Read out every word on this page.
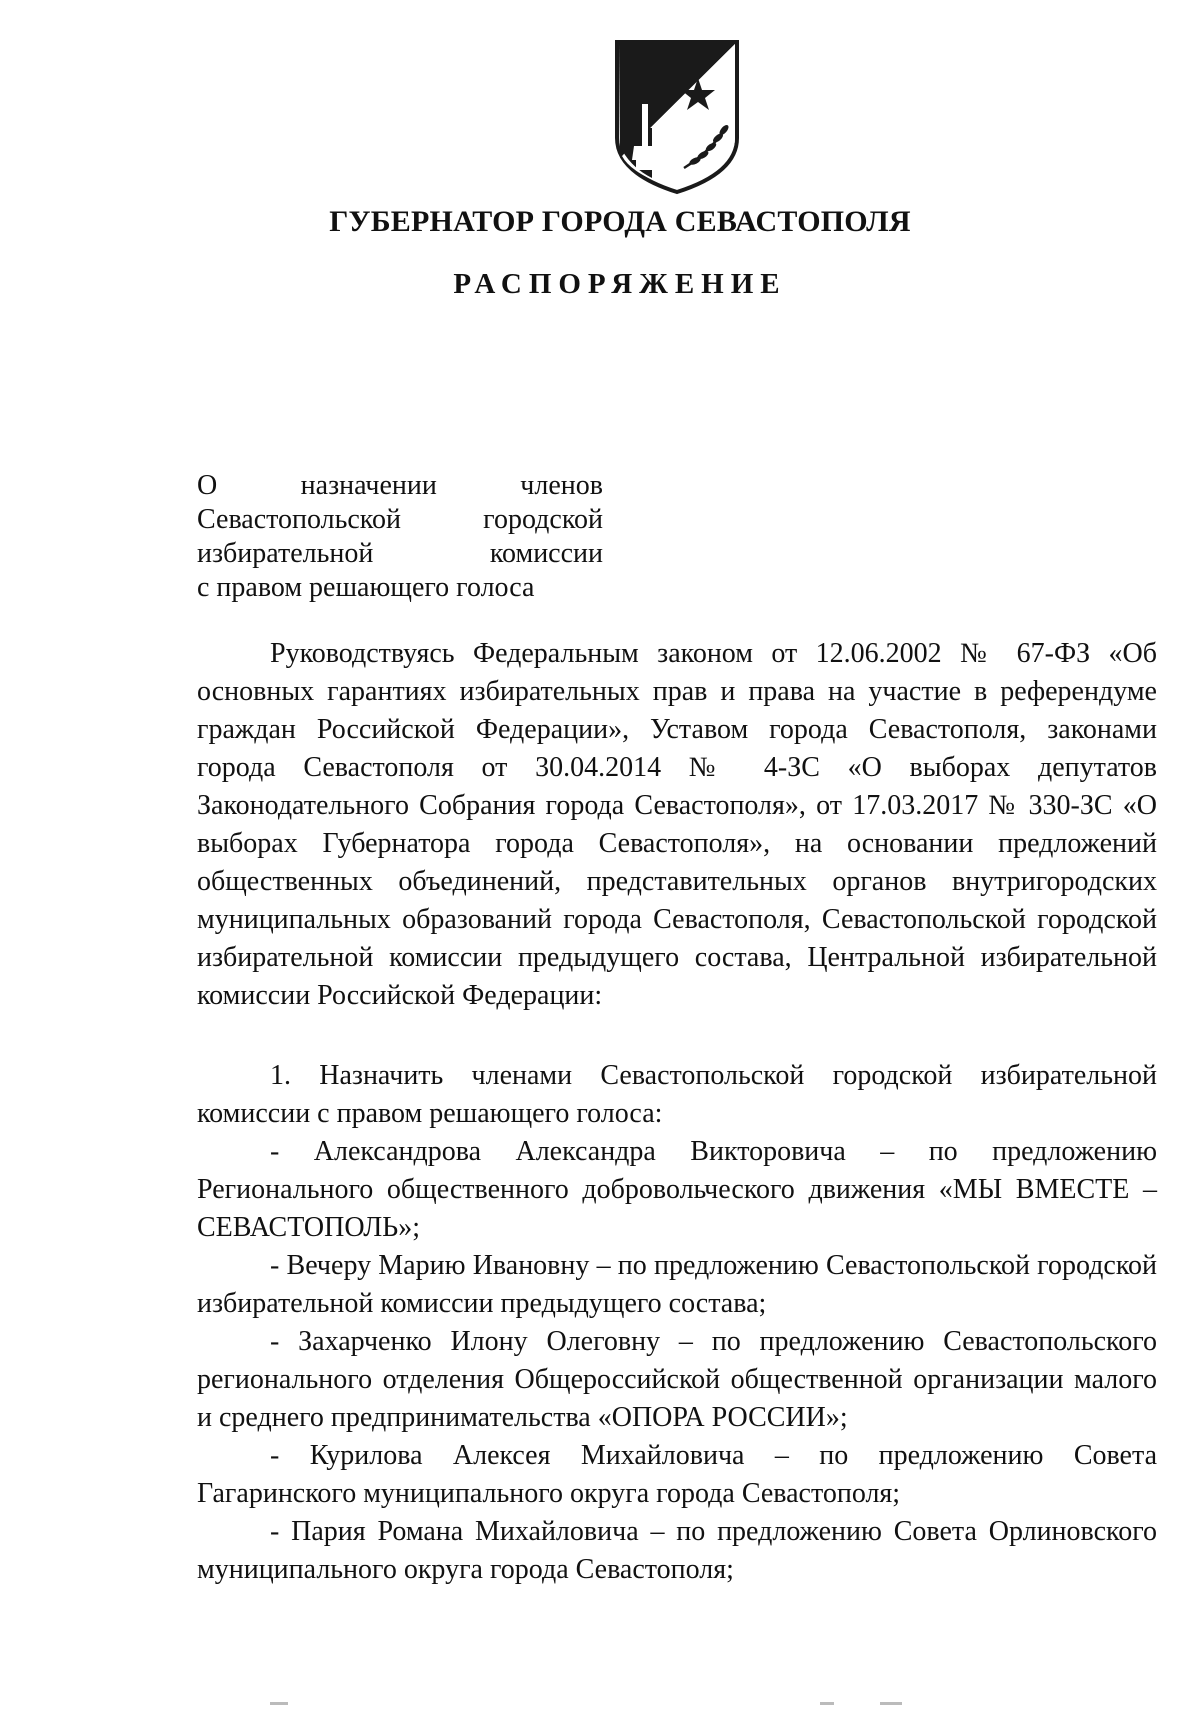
ГУБЕРНАТОР ГОРОДА СЕВАСТОПОЛЯ
РАСПОРЯЖЕНИЕ
О назначении членов
Севастопольской городской
избирательной комиссии
с правом решающего голоса

Руководствуясь Федеральным законом от 12.06.2002 № 67-ФЗ «Об основных гарантиях избирательных прав и права на участие в референдуме граждан Российской Федерации», Уставом города Севастополя, законами города Севастополя от 30.04.2014 № 4-ЗС «О выборах депутатов Законодательного Собрания города Севастополя», от 17.03.2017 № 330-ЗС «О выборах Губернатора города Севастополя», на основании предложений общественных объединений, представительных органов внутригородских муниципальных образований города Севастополя, Севастопольской городской избирательной комиссии предыдущего состава, Центральной избирательной комиссии Российской Федерации:

1. Назначить членами Севастопольской городской избирательной комиссии с правом решающего голоса:

- Александрова Александра Викторовича – по предложению Регионального общественного добровольческого движения «МЫ ВМЕСТЕ – СЕВАСТОПОЛЬ»;

- Вечеру Марию Ивановну – по предложению Севастопольской городской избирательной комиссии предыдущего состава;

- Захарченко Илону Олеговну – по предложению Севастопольского регионального отделения Общероссийской общественной организации малого и среднего предпринимательства «ОПОРА РОССИИ»;

- Курилова Алексея Михайловича – по предложению Совета Гагаринского муниципального округа города Севастополя;

- Пария Романа Михайловича – по предложению Совета Орлиновского муниципального округа города Севастополя;
